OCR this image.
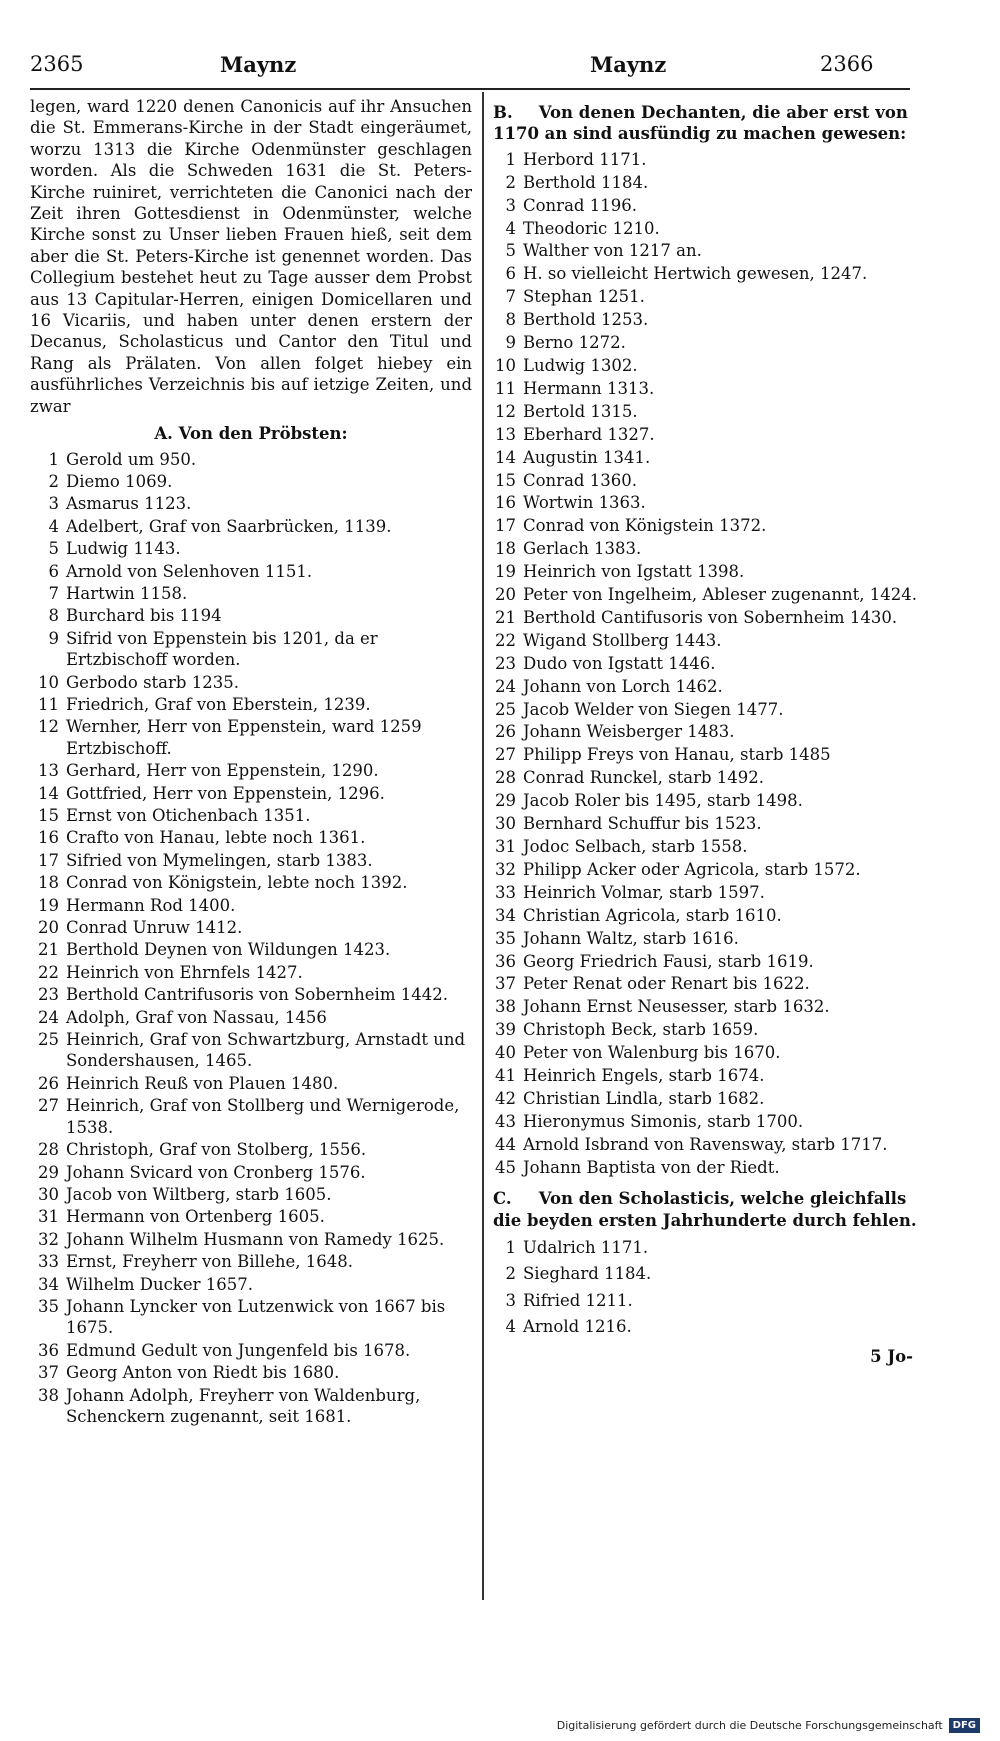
2365	Maynz	Maynz	2366

legen, ward 1220 denen Canonicis auf ihr Ansuchen die St. Emmerans-Kirche in der Stadt eingeräumet, worzu 1313 die Kirche Odenmünster geschlagen worden. Als die Schweden 1631 die St. Peters-Kirche ruiniret, verrichteten die Canonici nach der Zeit ihren Gottesdienst in Odenmünster, welche Kirche sonst zu Unser lieben Frauen hieß, seit dem aber die St. Peters-Kirche ist genennet worden. Das Collegium bestehet heut zu Tage ausser dem Probst aus 13 Capitular-Herren, einigen Domicellaren und 16 Vicariis, und haben unter denen erstern der Decanus, Scholasticus und Cantor den Titul und Rang als Prälaten. Von allen folget hiebey ein ausführliches Verzeichnis bis auf ietzige Zeiten, und zwar

A. Von den Pröbsten:
1 Gerold um 950.
2 Diemo 1069.
3 Asmarus 1123.
4 Adelbert, Graf von Saarbrücken, 1139.
5 Ludwig 1143.
6 Arnold von Selenhoven 1151.
7 Hartwin 1158.
8 Burchard bis 1194
9 Sifrid von Eppenstein bis 1201, da er Ertzbischoff worden.
10 Gerbodo starb 1235.
11 Friedrich, Graf von Eberstein, 1239.
12 Wernher, Herr von Eppenstein, ward 1259 Ertzbischoff.
13 Gerhard, Herr von Eppenstein, 1290.
14 Gottfried, Herr von Eppenstein, 1296.
15 Ernst von Otichenbach 1351.
16 Crafto von Hanau, lebte noch 1361.
17 Sifried von Mymelingen, starb 1383.
18 Conrad von Königstein, lebte noch 1392.
19 Hermann Rod 1400.
20 Conrad Unruw 1412.
21 Berthold Deynen von Wildungen 1423.
22 Heinrich von Ehrnfels 1427.
23 Berthold Cantrifusoris von Sobernheim 1442.
24 Adolph, Graf von Nassau, 1456
25 Heinrich, Graf von Schwartzburg, Arnstadt und Sondershausen, 1465.
26 Heinrich Reuß von Plauen 1480.
27 Heinrich, Graf von Stollberg und Wernigerode, 1538.
28 Christoph, Graf von Stolberg, 1556.
29 Johann Svicard von Cronberg 1576.
30 Jacob von Wiltberg, starb 1605.
31 Hermann von Ortenberg 1605.
32 Johann Wilhelm Husmann von Ramedy 1625.
33 Ernst, Freyherr von Billehe, 1648.
34 Wilhelm Ducker 1657.
35 Johann Lyncker von Lutzenwick von 1667 bis 1675.
36 Edmund Gedult von Jungenfeld bis 1678.
37 Georg Anton von Riedt bis 1680.
38 Johann Adolph, Freyherr von Waldenburg, Schenckern zugenannt, seit 1681.
B. Von denen Dechanten, die aber erst von 1170 an sind ausfündig zu machen gewesen:
1 Herbord 1171.
2 Berthold 1184.
3 Conrad 1196.
4 Theodoric 1210.
5 Walther von 1217 an.
6 H. so vielleicht Hertwich gewesen, 1247.
7 Stephan 1251.
8 Berthold 1253.
9 Berno 1272.
10 Ludwig 1302.
11 Hermann 1313.
12 Bertold 1315.
13 Eberhard 1327.
14 Augustin 1341.
15 Conrad 1360.
16 Wortwin 1363.
17 Conrad von Königstein 1372.
18 Gerlach 1383.
19 Heinrich von Igstatt 1398.
20 Peter von Ingelheim, Ableser zugenannt, 1424.
21 Berthold Cantifusoris von Sobernheim 1430.
22 Wigand Stollberg 1443.
23 Dudo von Igstatt 1446.
24 Johann von Lorch 1462.
25 Jacob Welder von Siegen 1477.
26 Johann Weisberger 1483.
27 Philipp Freys von Hanau, starb 1485
28 Conrad Runckel, starb 1492.
29 Jacob Roler bis 1495, starb 1498.
30 Bernhard Schuffur bis 1523.
31 Jodoc Selbach, starb 1558.
32 Philipp Acker oder Agricola, starb 1572.
33 Heinrich Volmar, starb 1597.
34 Christian Agricola, starb 1610.
35 Johann Waltz, starb 1616.
36 Georg Friedrich Fausi, starb 1619.
37 Peter Renat oder Renart bis 1622.
38 Johann Ernst Neusesser, starb 1632.
39 Christoph Beck, starb 1659.
40 Peter von Walenburg bis 1670.
41 Heinrich Engels, starb 1674.
42 Christian Lindla, starb 1682.
43 Hieronymus Simonis, starb 1700.
44 Arnold Isbrand von Ravensway, starb 1717.
45 Johann Baptista von der Riedt.
C. Von den Scholasticis, welche gleichfalls die beyden ersten Jahrhunderte durch fehlen.
1 Udalrich 1171.
2 Sieghard 1184.
3 Rifried 1211.
4 Arnold 1216.
5 Jo-
Digitalisierung gefördert durch die Deutsche Forschungsgemeinschaft	DFG
